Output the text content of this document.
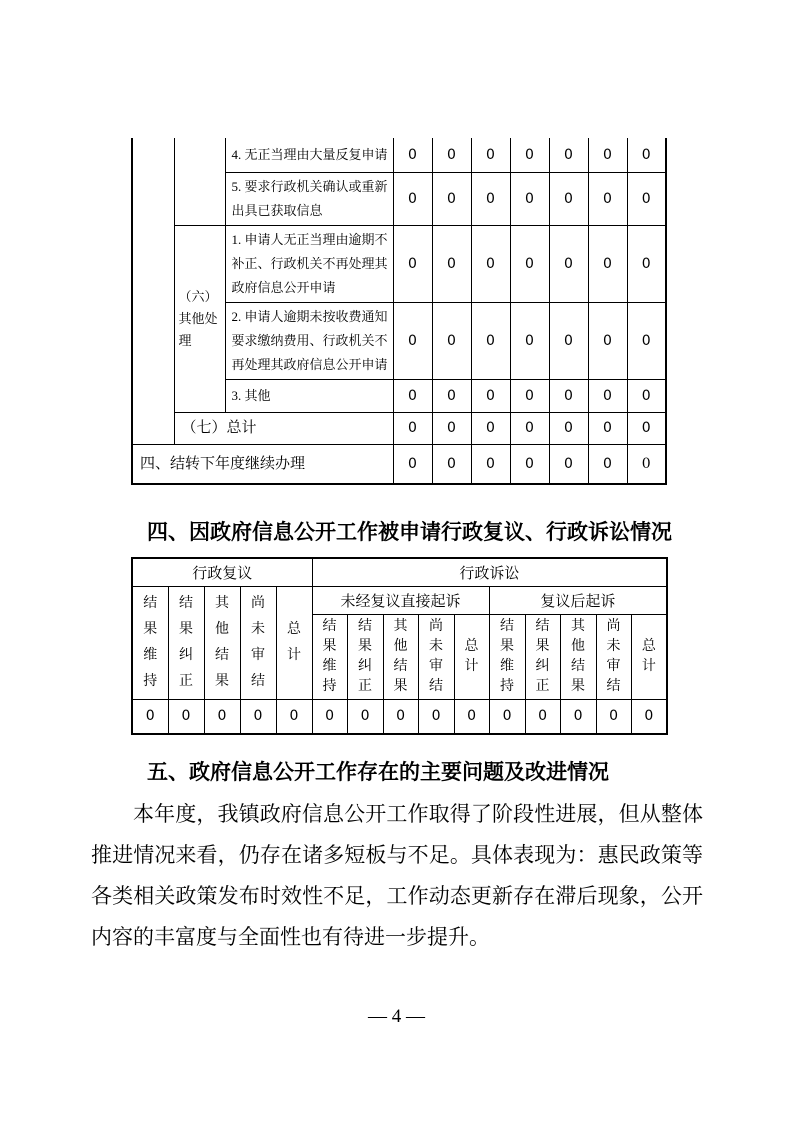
		4. 无正当理由大量反复申请	0	0	0	0	0	0	0
		5. 要求行政机关确认或重新出具已获取信息	0	0	0	0	0	0	0
	（六）其他处理	1. 申请人无正当理由逾期不补正、行政机关不再处理其政府信息公开申请	0	0	0	0	0	0	0
		2. 申请人逾期未按收费通知要求缴纳费用、行政机关不再处理其政府信息公开申请	0	0	0	0	0	0	0
		3. 其他	0	0	0	0	0	0	0
	（七）总计		0	0	0	0	0	0	0
四、结转下年度继续办理			0	0	0	0	0	0	0
四、因政府信息公开工作被申请行政复议、行政诉讼情况
行政复议					行政诉讼									

结果维持	结果纠正	其他结果	尚未审结	总计	未经复议直接起诉					复议后起诉				

					结果维持	结果纠正	其他结果	尚未审结	总计	结果维持	结果纠正	其他结果	尚未审结	总计

0	0	0	0	0	0	0	0	0	0	0	0	0	0	0
五、政府信息公开工作存在的主要问题及改进情况
本年度，我镇政府信息公开工作取得了阶段性进展，但从整体推进情况来看，仍存在诸多短板与不足。具体表现为：惠民政策等各类相关政策发布时效性不足，工作动态更新存在滞后现象，公开内容的丰富度与全面性也有待进一步提升。
— 4 —
